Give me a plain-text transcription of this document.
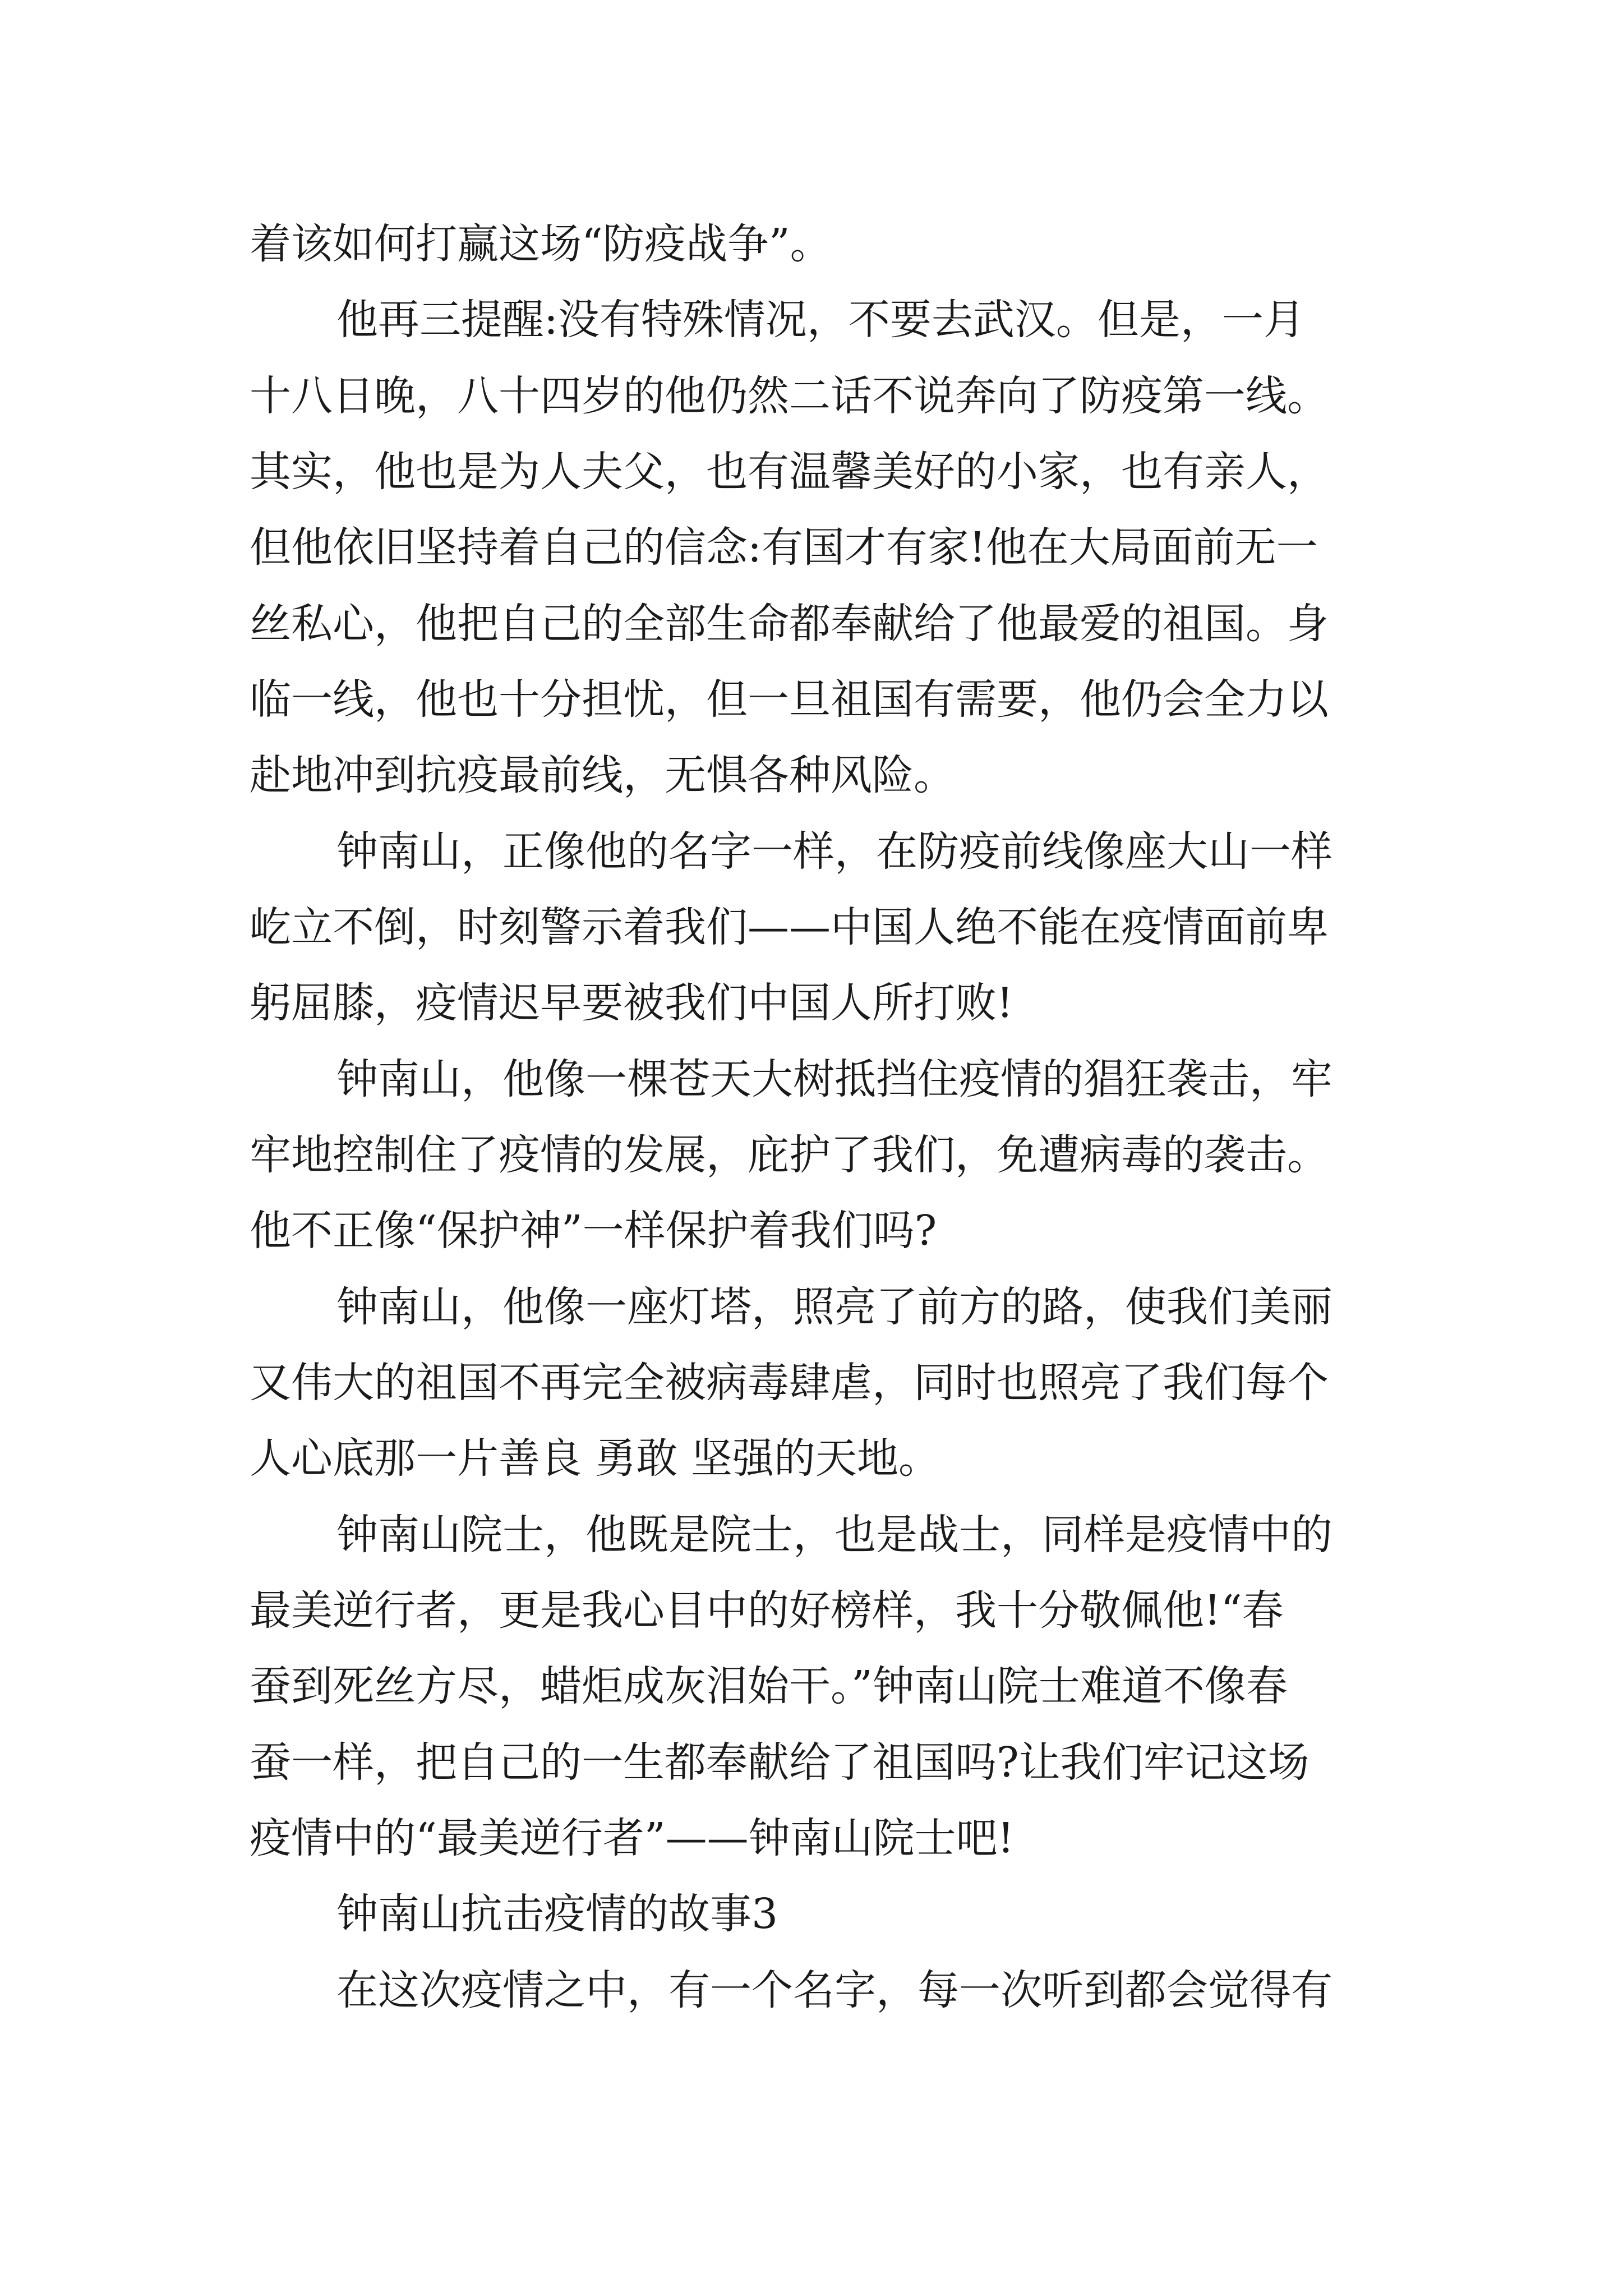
着该如何打赢这场“防疫战争”。
他再三提醒:没有特殊情况，不要去武汉。但是，一月
十八日晚，八十四岁的他仍然二话不说奔向了防疫第一线。
其实，他也是为人夫父，也有温馨美好的小家，也有亲人，
但他依旧坚持着自己的信念:有国才有家!他在大局面前无一
丝私心，他把自己的全部生命都奉献给了他最爱的祖国。身
临一线，他也十分担忧，但一旦祖国有需要，他仍会全力以
赴地冲到抗疫最前线，无惧各种风险。
钟南山，正像他的名字一样，在防疫前线像座大山一样
屹立不倒，时刻警示着我们——中国人绝不能在疫情面前卑
躬屈膝，疫情迟早要被我们中国人所打败!
钟南山，他像一棵苍天大树抵挡住疫情的猖狂袭击，牢
牢地控制住了疫情的发展，庇护了我们，免遭病毒的袭击。
他不正像“保护神”一样保护着我们吗?
钟南山，他像一座灯塔，照亮了前方的路，使我们美丽
又伟大的祖国不再完全被病毒肆虐，同时也照亮了我们每个
人心底那一片善良 勇敢 坚强的天地。
钟南山院士，他既是院士，也是战士，同样是疫情中的
最美逆行者，更是我心目中的好榜样，我十分敬佩他!“春
蚕到死丝方尽，蜡炬成灰泪始干。”钟南山院士难道不像春
蚕一样，把自己的一生都奉献给了祖国吗?让我们牢记这场
疫情中的“最美逆行者”——钟南山院士吧!
钟南山抗击疫情的故事3
在这次疫情之中，有一个名字，每一次听到都会觉得有
